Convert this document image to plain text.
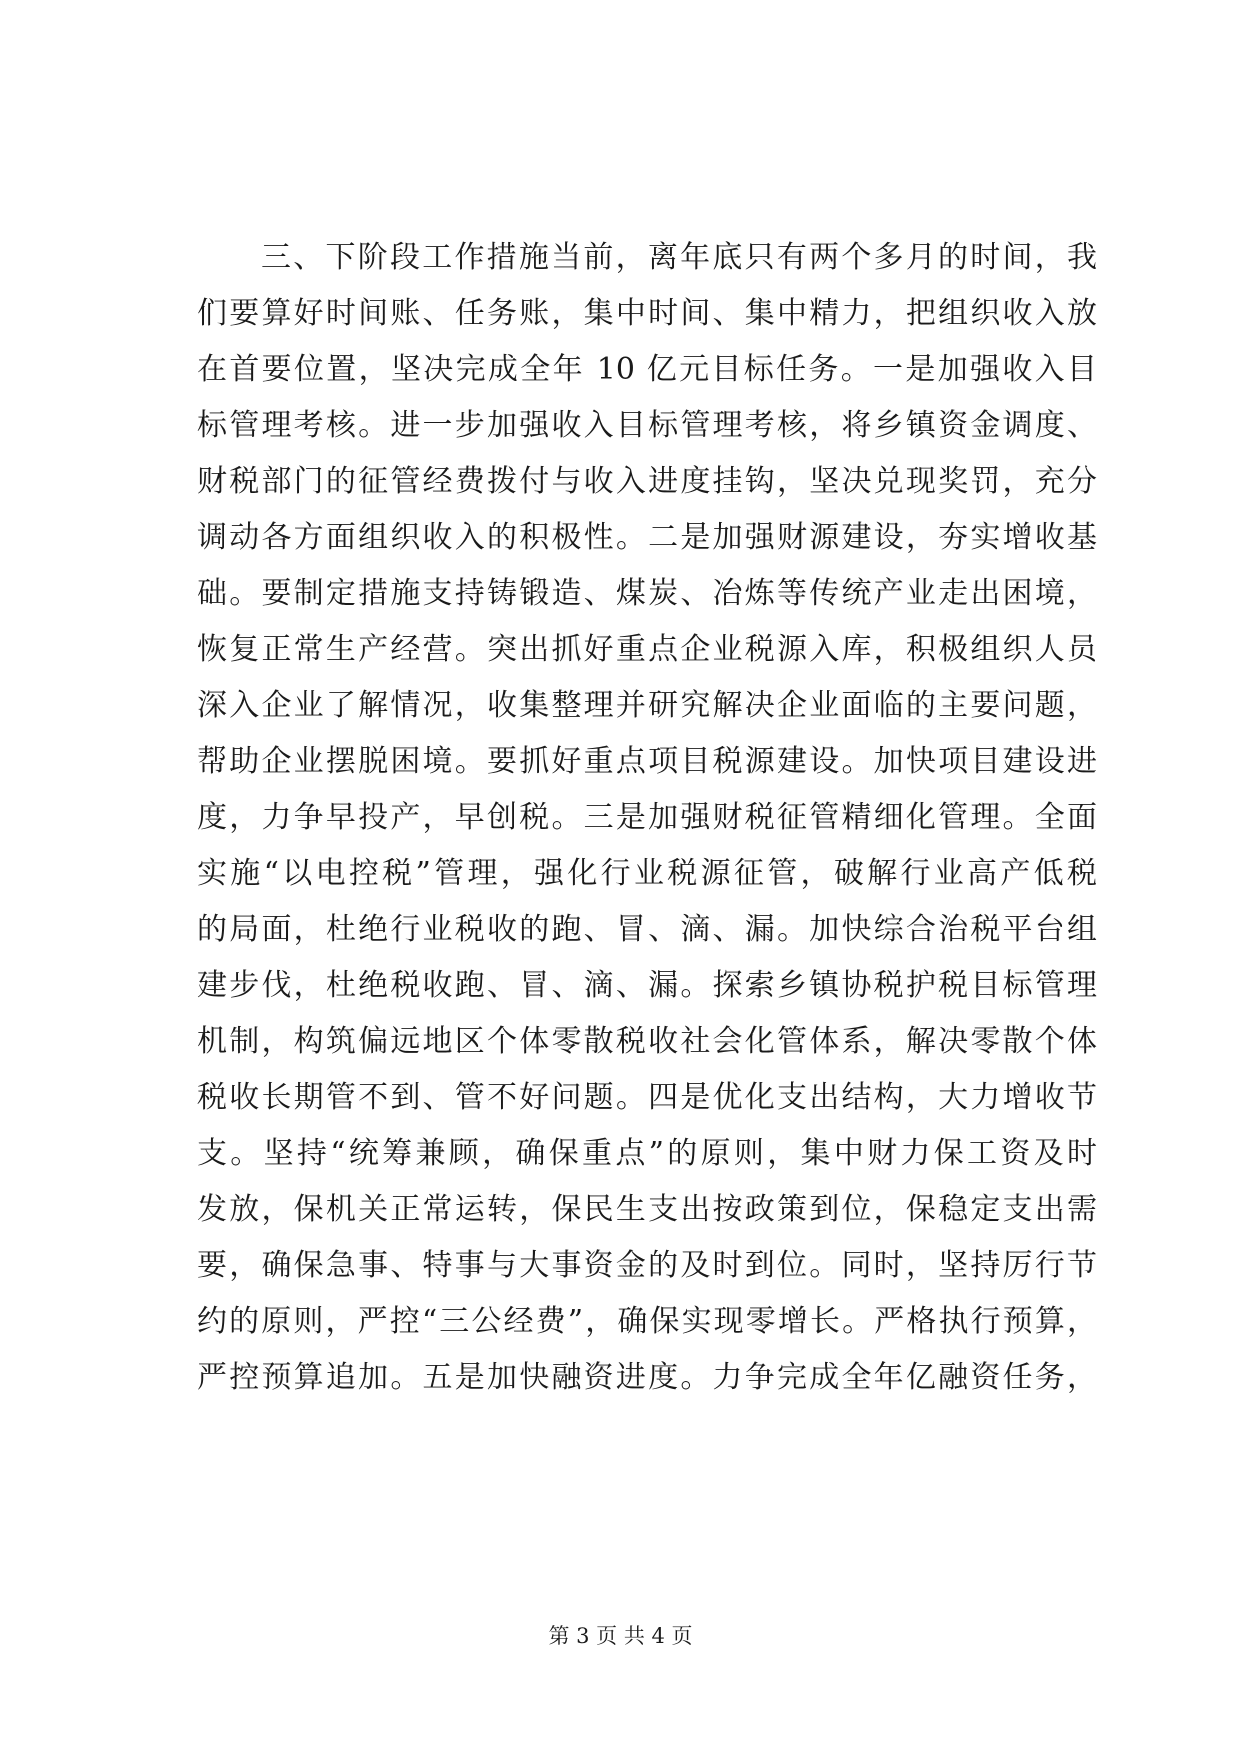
三、下阶段工作措施当前，离年底只有两个多月的时间，我
们要算好时间账、任务账，集中时间、集中精力，把组织收入放
在首要位置，坚决完成全年 10 亿元目标任务。一是加强收入目
标管理考核。进一步加强收入目标管理考核，将乡镇资金调度、
财税部门的征管经费拨付与收入进度挂钩，坚决兑现奖罚，充分
调动各方面组织收入的积极性。二是加强财源建设，夯实增收基
础。要制定措施支持铸锻造、煤炭、冶炼等传统产业走出困境，
恢复正常生产经营。突出抓好重点企业税源入库，积极组织人员
深入企业了解情况，收集整理并研究解决企业面临的主要问题，
帮助企业摆脱困境。要抓好重点项目税源建设。加快项目建设进
度，力争早投产，早创税。三是加强财税征管精细化管理。全面
实施“以电控税”管理，强化行业税源征管，破解行业高产低税
的局面，杜绝行业税收的跑、冒、滴、漏。加快综合治税平台组
建步伐，杜绝税收跑、冒、滴、漏。探索乡镇协税护税目标管理
机制，构筑偏远地区个体零散税收社会化管体系，解决零散个体
税收长期管不到、管不好问题。四是优化支出结构，大力增收节
支。坚持“统筹兼顾，确保重点”的原则，集中财力保工资及时
发放，保机关正常运转，保民生支出按政策到位，保稳定支出需
要，确保急事、特事与大事资金的及时到位。同时，坚持厉行节
约的原则，严控“三公经费”，确保实现零增长。严格执行预算，
严控预算追加。五是加快融资进度。力争完成全年亿融资任务，
第 3 页 共 4 页
